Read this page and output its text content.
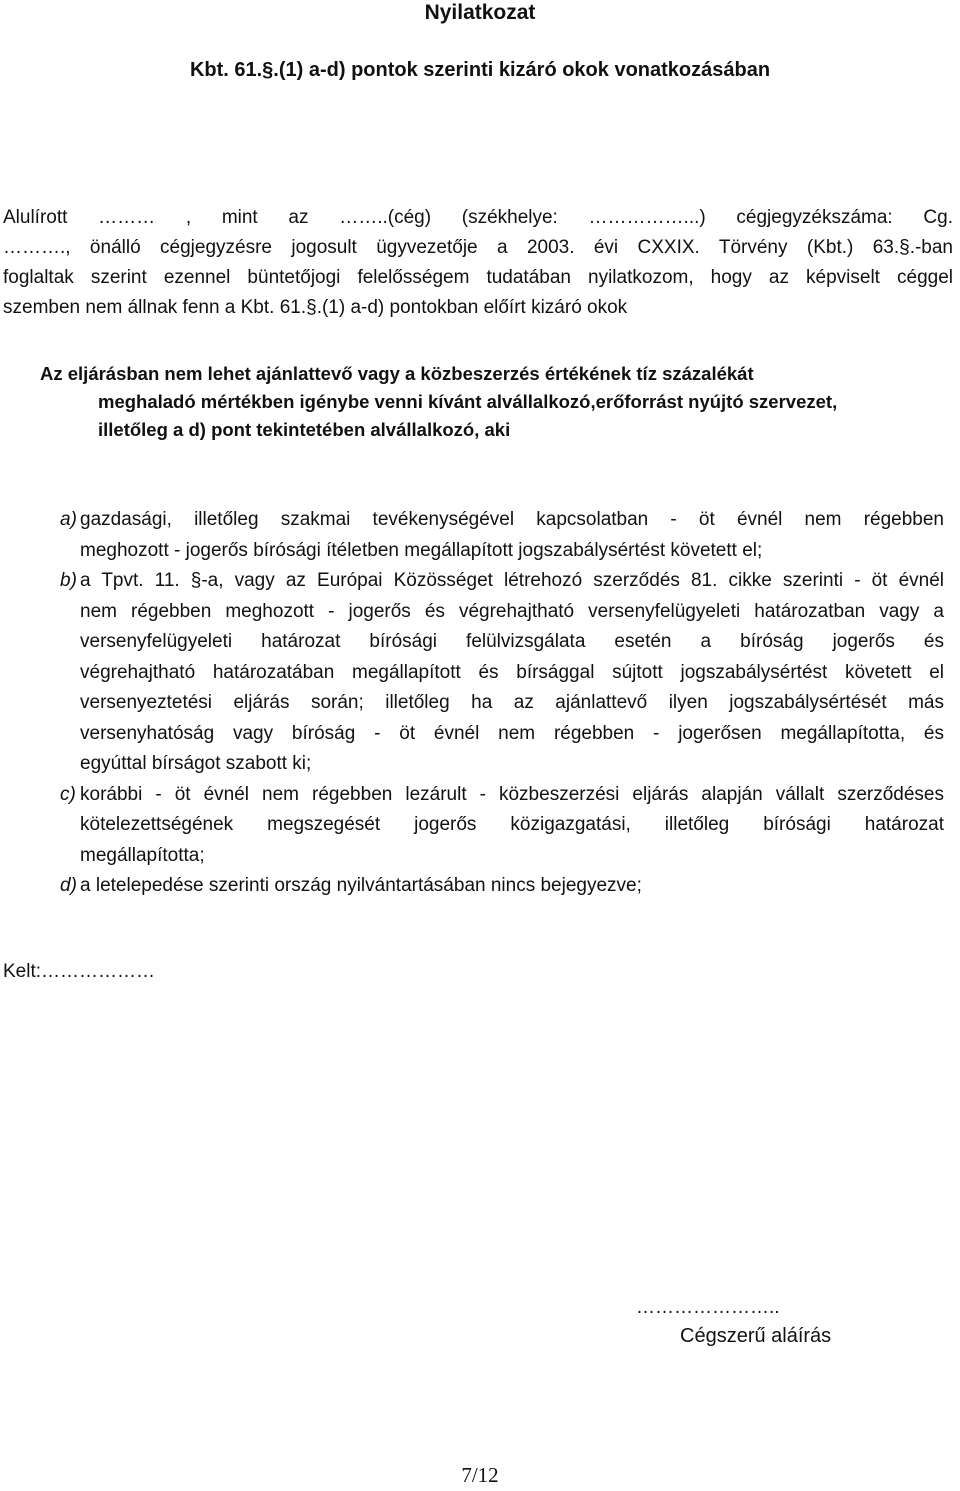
Nyilatkozat
Kbt. 61.§.(1) a-d) pontok szerinti kizáró okok vonatkozásában
Alulírott ……… , mint az ……..(cég) (székhelye: ……………...) cégjegyzékszáma: Cg.
………., önálló cégjegyzésre jogosult ügyvezetője a 2003. évi CXXIX. Törvény (Kbt.) 63.§.-ban
foglaltak szerint ezennel büntetőjogi felelősségem tudatában nyilatkozom, hogy az képviselt céggel
szemben nem állnak fenn a Kbt. 61.§.(1) a-d) pontokban előírt kizáró okok
Az eljárásban nem lehet ajánlattevő vagy a közbeszerzés értékének tíz százalékát
meghaladó mértékben igénybe venni kívánt alvállalkozó,erőforrást nyújtó szervezet,
illetőleg a d) pont tekintetében alvállalkozó, aki
a) gazdasági, illetőleg szakmai tevékenységével kapcsolatban - öt évnél nem régebben
meghozott - jogerős bírósági ítéletben megállapított jogszabálysértést követett el;
b) a Tpvt. 11. §-a, vagy az Európai Közösséget létrehozó szerződés 81. cikke szerinti - öt évnél
nem régebben meghozott - jogerős és végrehajtható versenyfelügyeleti határozatban vagy a
versenyfelügyeleti határozat bírósági felülvizsgálata esetén a bíróság jogerős és
végrehajtható határozatában megállapított és bírsággal sújtott jogszabálysértést követett el
versenyeztetési eljárás során; illetőleg ha az ajánlattevő ilyen jogszabálysértését más
versenyhatóság vagy bíróság - öt évnél nem régebben - jogerősen megállapította, és
egyúttal bírságot szabott ki;
c) korábbi - öt évnél nem régebben lezárult - közbeszerzési eljárás alapján vállalt szerződéses
kötelezettségének megszegését jogerős közigazgatási, illetőleg bírósági határozat
megállapította;
d) a letelepedése szerinti ország nyilvántartásában nincs bejegyezve;
Kelt:………………
…………………..
Cégszerű aláírás
7/12
